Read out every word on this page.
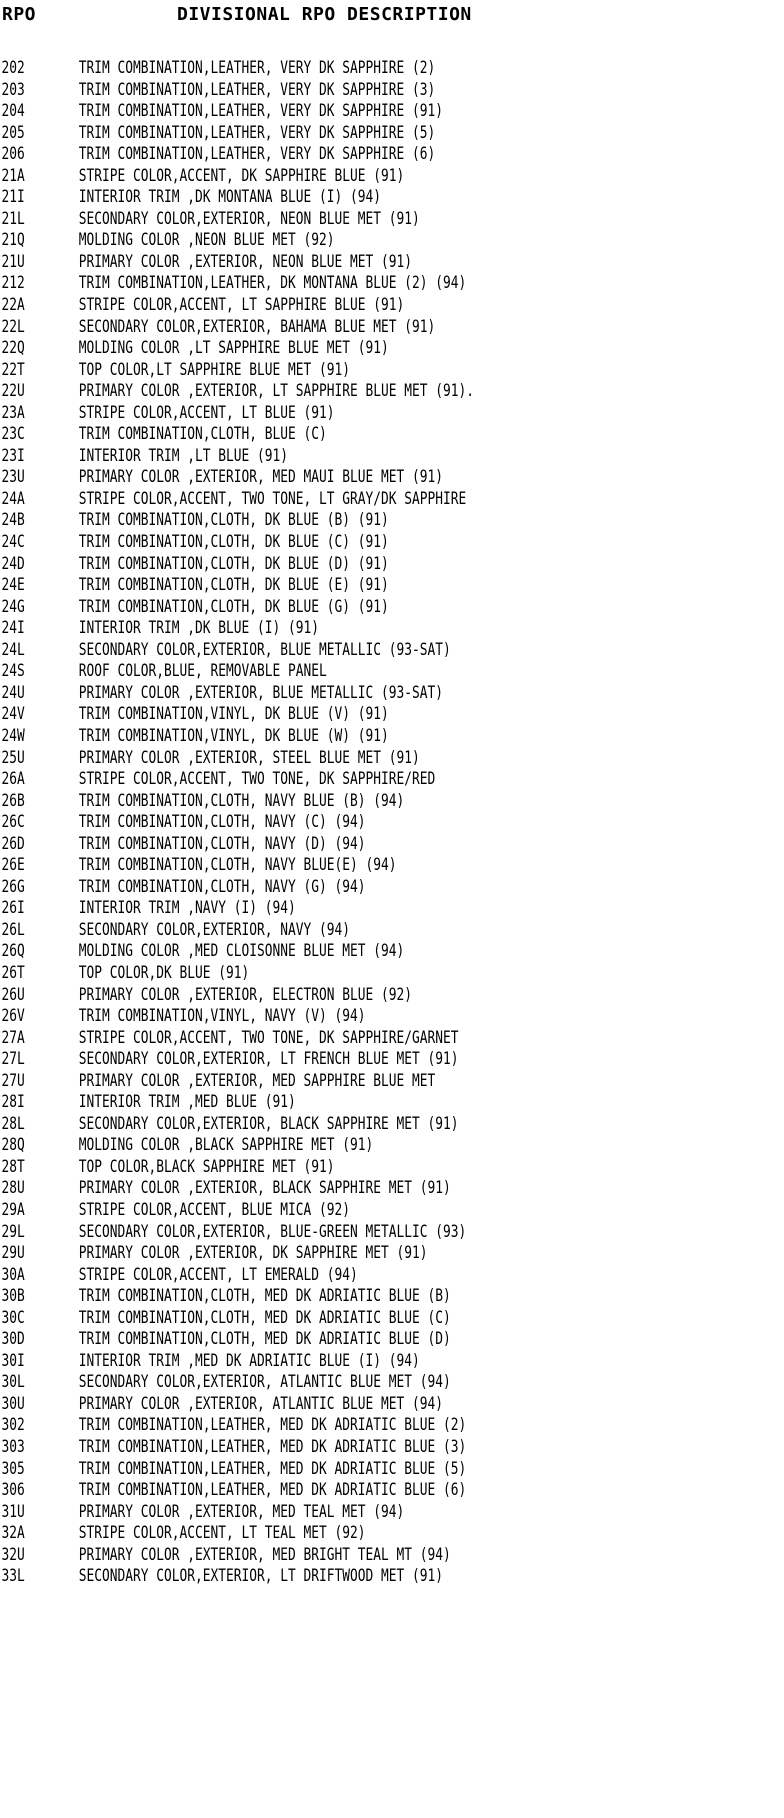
RPO	DIVISIONAL RPO DESCRIPTION
202	TRIM COMBINATION,LEATHER, VERY DK SAPPHIRE (2)
203	TRIM COMBINATION,LEATHER, VERY DK SAPPHIRE (3)
204	TRIM COMBINATION,LEATHER, VERY DK SAPPHIRE (91)
205	TRIM COMBINATION,LEATHER, VERY DK SAPPHIRE (5)
206	TRIM COMBINATION,LEATHER, VERY DK SAPPHIRE (6)
21A	STRIPE COLOR,ACCENT, DK SAPPHIRE BLUE (91)
21I	INTERIOR TRIM ,DK MONTANA BLUE (I) (94)
21L	SECONDARY COLOR,EXTERIOR, NEON BLUE MET (91)
21Q	MOLDING COLOR ,NEON BLUE MET (92)
21U	PRIMARY COLOR ,EXTERIOR, NEON BLUE MET (91)
212	TRIM COMBINATION,LEATHER, DK MONTANA BLUE (2) (94)
22A	STRIPE COLOR,ACCENT, LT SAPPHIRE BLUE (91)
22L	SECONDARY COLOR,EXTERIOR, BAHAMA BLUE MET (91)
22Q	MOLDING COLOR ,LT SAPPHIRE BLUE MET (91)
22T	TOP COLOR,LT SAPPHIRE BLUE MET (91)
22U	PRIMARY COLOR ,EXTERIOR, LT SAPPHIRE BLUE MET (91).
23A	STRIPE COLOR,ACCENT, LT BLUE (91)
23C	TRIM COMBINATION,CLOTH, BLUE (C)
23I	INTERIOR TRIM ,LT BLUE (91)
23U	PRIMARY COLOR ,EXTERIOR, MED MAUI BLUE MET (91)
24A	STRIPE COLOR,ACCENT, TWO TONE, LT GRAY/DK SAPPHIRE
24B	TRIM COMBINATION,CLOTH, DK BLUE (B) (91)
24C	TRIM COMBINATION,CLOTH, DK BLUE (C) (91)
24D	TRIM COMBINATION,CLOTH, DK BLUE (D) (91)
24E	TRIM COMBINATION,CLOTH, DK BLUE (E) (91)
24G	TRIM COMBINATION,CLOTH, DK BLUE (G) (91)
24I	INTERIOR TRIM ,DK BLUE (I) (91)
24L	SECONDARY COLOR,EXTERIOR, BLUE METALLIC (93-SAT)
24S	ROOF COLOR,BLUE, REMOVABLE PANEL
24U	PRIMARY COLOR ,EXTERIOR, BLUE METALLIC (93-SAT)
24V	TRIM COMBINATION,VINYL, DK BLUE (V) (91)
24W	TRIM COMBINATION,VINYL, DK BLUE (W) (91)
25U	PRIMARY COLOR ,EXTERIOR, STEEL BLUE MET (91)
26A	STRIPE COLOR,ACCENT, TWO TONE, DK SAPPHIRE/RED
26B	TRIM COMBINATION,CLOTH, NAVY BLUE (B) (94)
26C	TRIM COMBINATION,CLOTH, NAVY (C) (94)
26D	TRIM COMBINATION,CLOTH, NAVY (D) (94)
26E	TRIM COMBINATION,CLOTH, NAVY BLUE(E) (94)
26G	TRIM COMBINATION,CLOTH, NAVY (G) (94)
26I	INTERIOR TRIM ,NAVY (I) (94)
26L	SECONDARY COLOR,EXTERIOR, NAVY (94)
26Q	MOLDING COLOR ,MED CLOISONNE BLUE MET (94)
26T	TOP COLOR,DK BLUE (91)
26U	PRIMARY COLOR ,EXTERIOR, ELECTRON BLUE (92)
26V	TRIM COMBINATION,VINYL, NAVY (V) (94)
27A	STRIPE COLOR,ACCENT, TWO TONE, DK SAPPHIRE/GARNET
27L	SECONDARY COLOR,EXTERIOR, LT FRENCH BLUE MET (91)
27U	PRIMARY COLOR ,EXTERIOR, MED SAPPHIRE BLUE MET
28I	INTERIOR TRIM ,MED BLUE (91)
28L	SECONDARY COLOR,EXTERIOR, BLACK SAPPHIRE MET (91)
28Q	MOLDING COLOR ,BLACK SAPPHIRE MET (91)
28T	TOP COLOR,BLACK SAPPHIRE MET (91)
28U	PRIMARY COLOR ,EXTERIOR, BLACK SAPPHIRE MET (91)
29A	STRIPE COLOR,ACCENT, BLUE MICA (92)
29L	SECONDARY COLOR,EXTERIOR, BLUE-GREEN METALLIC (93)
29U	PRIMARY COLOR ,EXTERIOR, DK SAPPHIRE MET (91)
30A	STRIPE COLOR,ACCENT, LT EMERALD (94)
30B	TRIM COMBINATION,CLOTH, MED DK ADRIATIC BLUE (B)
30C	TRIM COMBINATION,CLOTH, MED DK ADRIATIC BLUE (C)
30D	TRIM COMBINATION,CLOTH, MED DK ADRIATIC BLUE (D)
30I	INTERIOR TRIM ,MED DK ADRIATIC BLUE (I) (94)
30L	SECONDARY COLOR,EXTERIOR, ATLANTIC BLUE MET (94)
30U	PRIMARY COLOR ,EXTERIOR, ATLANTIC BLUE MET (94)
302	TRIM COMBINATION,LEATHER, MED DK ADRIATIC BLUE (2)
303	TRIM COMBINATION,LEATHER, MED DK ADRIATIC BLUE (3)
305	TRIM COMBINATION,LEATHER, MED DK ADRIATIC BLUE (5)
306	TRIM COMBINATION,LEATHER, MED DK ADRIATIC BLUE (6)
31U	PRIMARY COLOR ,EXTERIOR, MED TEAL MET (94)
32A	STRIPE COLOR,ACCENT, LT TEAL MET (92)
32U	PRIMARY COLOR ,EXTERIOR, MED BRIGHT TEAL MT (94)
33L	SECONDARY COLOR,EXTERIOR, LT DRIFTWOOD MET (91)
